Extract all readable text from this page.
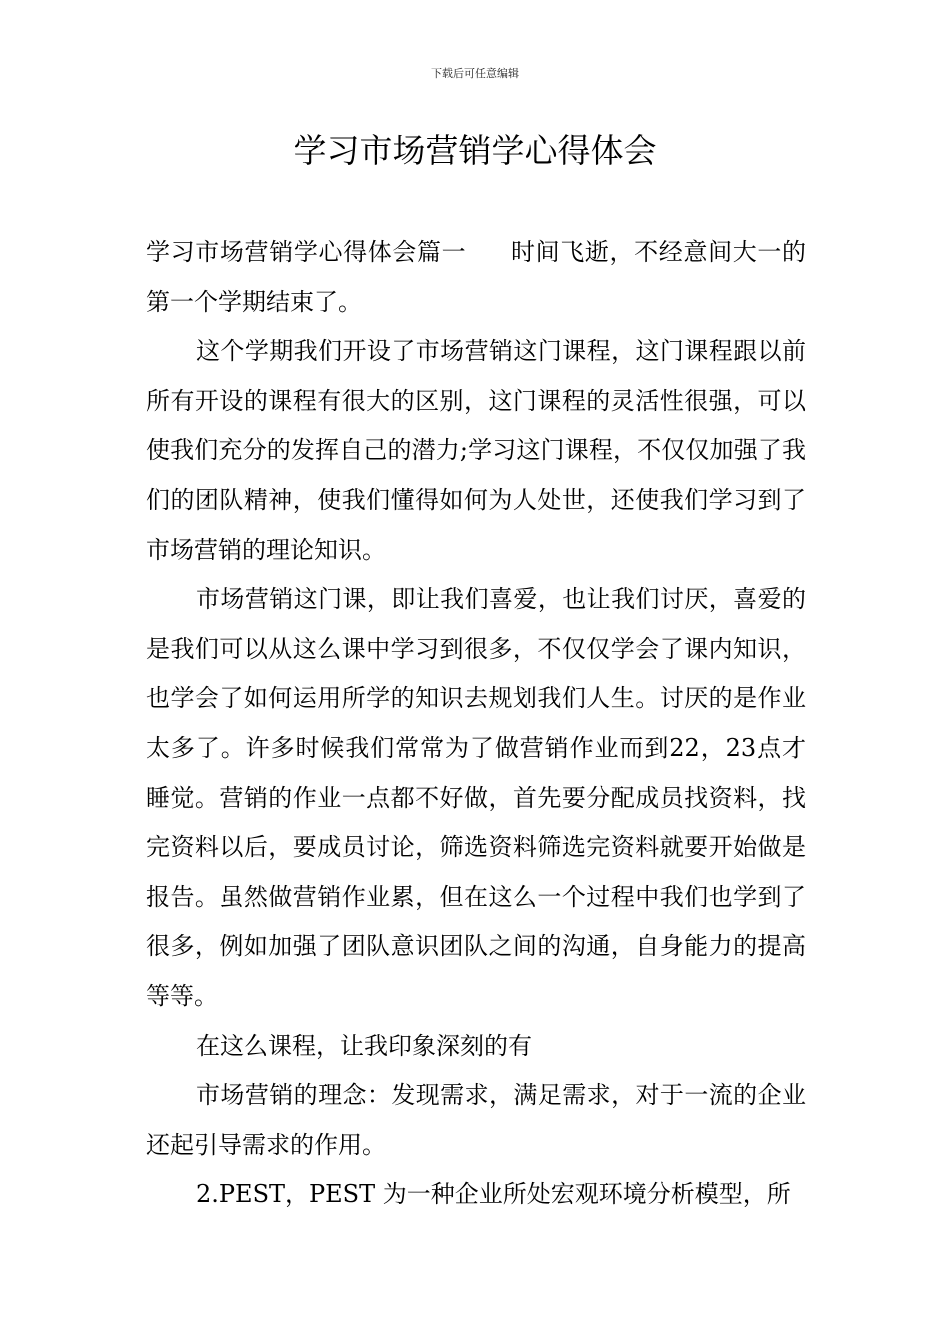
下载后可任意编辑
学习市场营销学心得体会

学习市场营销学心得体会篇一 时间飞逝，不经意间大一的第一个学期结束了。

这个学期我们开设了市场营销这门课程，这门课程跟以前所有开设的课程有很大的区别，这门课程的灵活性很强，可以使我们充分的发挥自己的潜力;学习这门课程，不仅仅加强了我们的团队精神，使我们懂得如何为人处世，还使我们学习到了市场营销的理论知识。

市场营销这门课，即让我们喜爱，也让我们讨厌，喜爱的是我们可以从这么课中学习到很多，不仅仅学会了课内知识，也学会了如何运用所学的知识去规划我们人生。讨厌的是作业太多了。许多时候我们常常为了做营销作业而到22，23点才睡觉。营销的作业一点都不好做，首先要分配成员找资料，找完资料以后，要成员讨论，筛选资料筛选完资料就要开始做是报告。虽然做营销作业累，但在这么一个过程中我们也学到了很多，例如加强了团队意识团队之间的沟通，自身能力的提高等等。

在这么课程，让我印象深刻的有

市场营销的理念：发现需求，满足需求，对于一流的企业还起引导需求的作用。

2.PEST，PEST 为一种企业所处宏观环境分析模型，所
